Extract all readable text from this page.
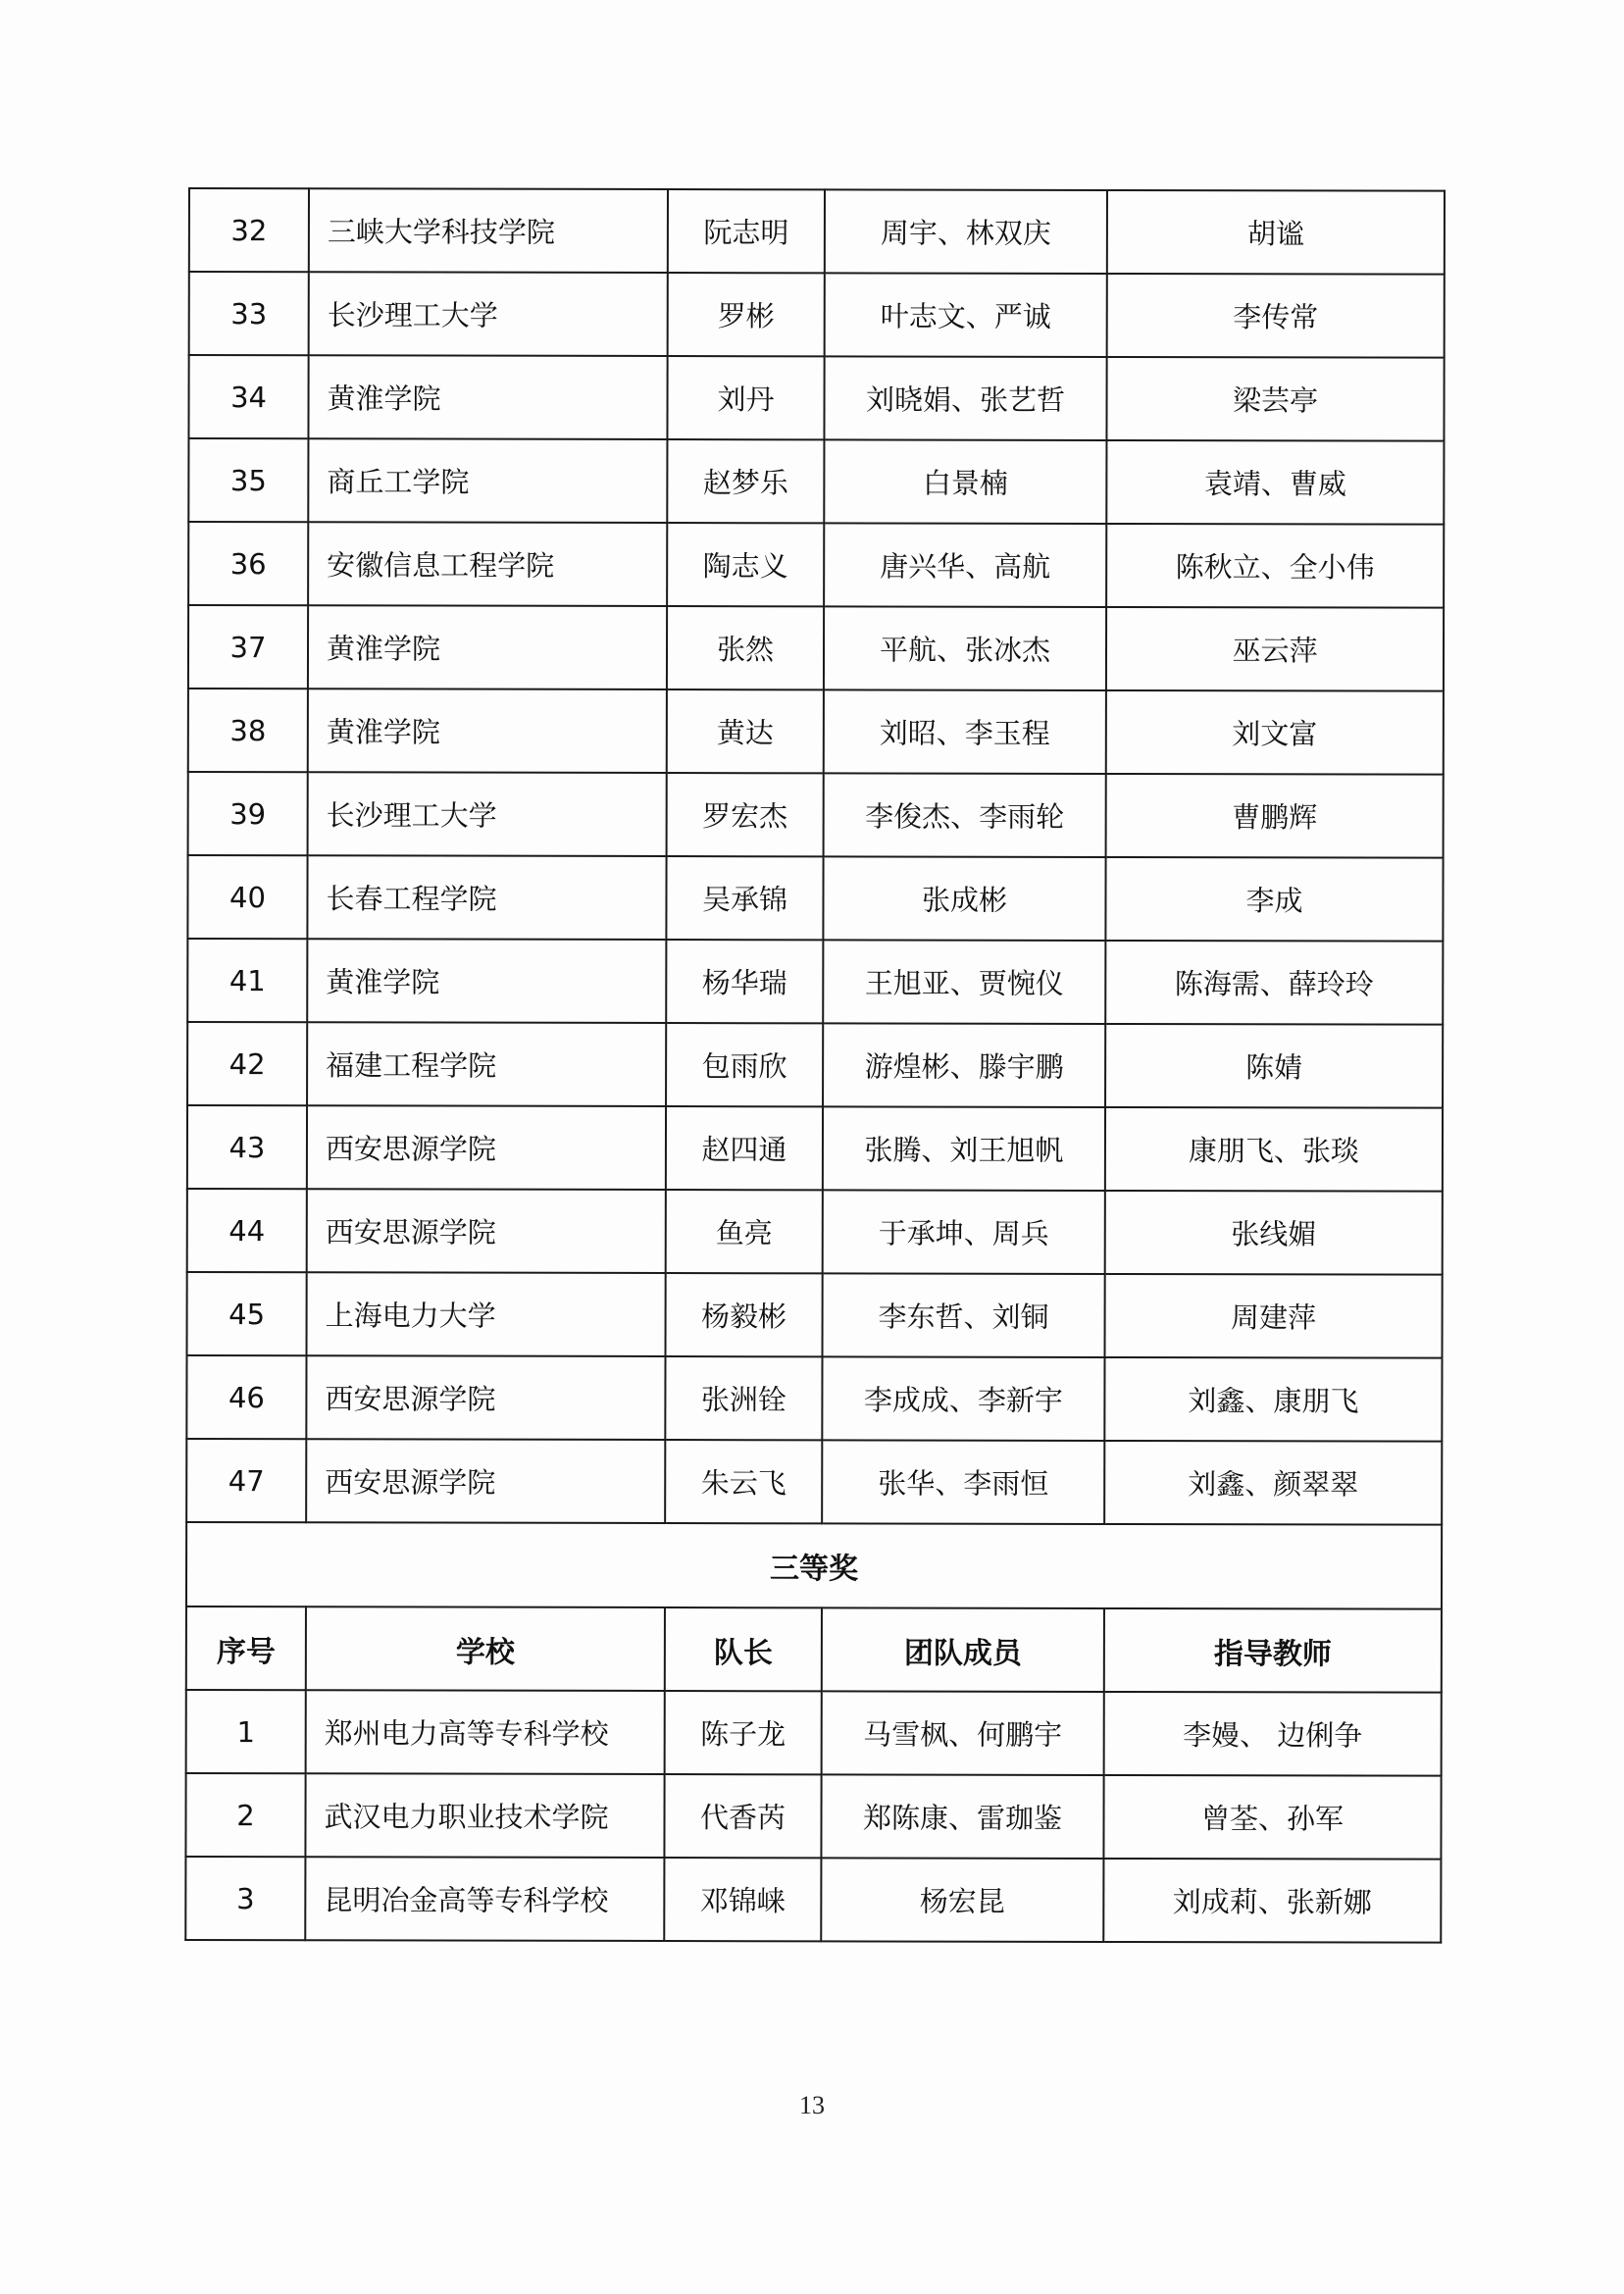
32	三峡大学科技学院	阮志明	周宇、林双庆	胡谧
33	长沙理工大学	罗彬	叶志文、严诚	李传常
34	黄淮学院	刘丹	刘晓娟、张艺哲	梁芸亭
35	商丘工学院	赵梦乐	白景楠	袁靖、曹威
36	安徽信息工程学院	陶志义	唐兴华、高航	陈秋立、全小伟
37	黄淮学院	张然	平航、张冰杰	巫云萍
38	黄淮学院	黄达	刘昭、李玉程	刘文富
39	长沙理工大学	罗宏杰	李俊杰、李雨轮	曹鹏辉
40	长春工程学院	吴承锦	张成彬	李成
41	黄淮学院	杨华瑞	王旭亚、贾惋仪	陈海需、薛玲玲
42	福建工程学院	包雨欣	游煌彬、滕宇鹏	陈婧
43	西安思源学院	赵四通	张腾、刘王旭帆	康朋飞、张琰
44	西安思源学院	鱼亮	于承坤、周兵	张线媚
45	上海电力大学	杨毅彬	李东哲、刘铜	周建萍
46	西安思源学院	张洲铨	李成成、李新宇	刘鑫、康朋飞
47	西安思源学院	朱云飞	张华、李雨恒	刘鑫、颜翠翠
三等奖				
序号	学校	队长	团队成员	指导教师
1	郑州电力高等专科学校	陈子龙	马雪枫、何鹏宇	李嫚、 边俐争
2	武汉电力职业技术学院	代香芮	郑陈康、雷珈鉴	曾荃、孙军
3	昆明冶金高等专科学校	邓锦崃	杨宏昆	刘成莉、张新娜
13
